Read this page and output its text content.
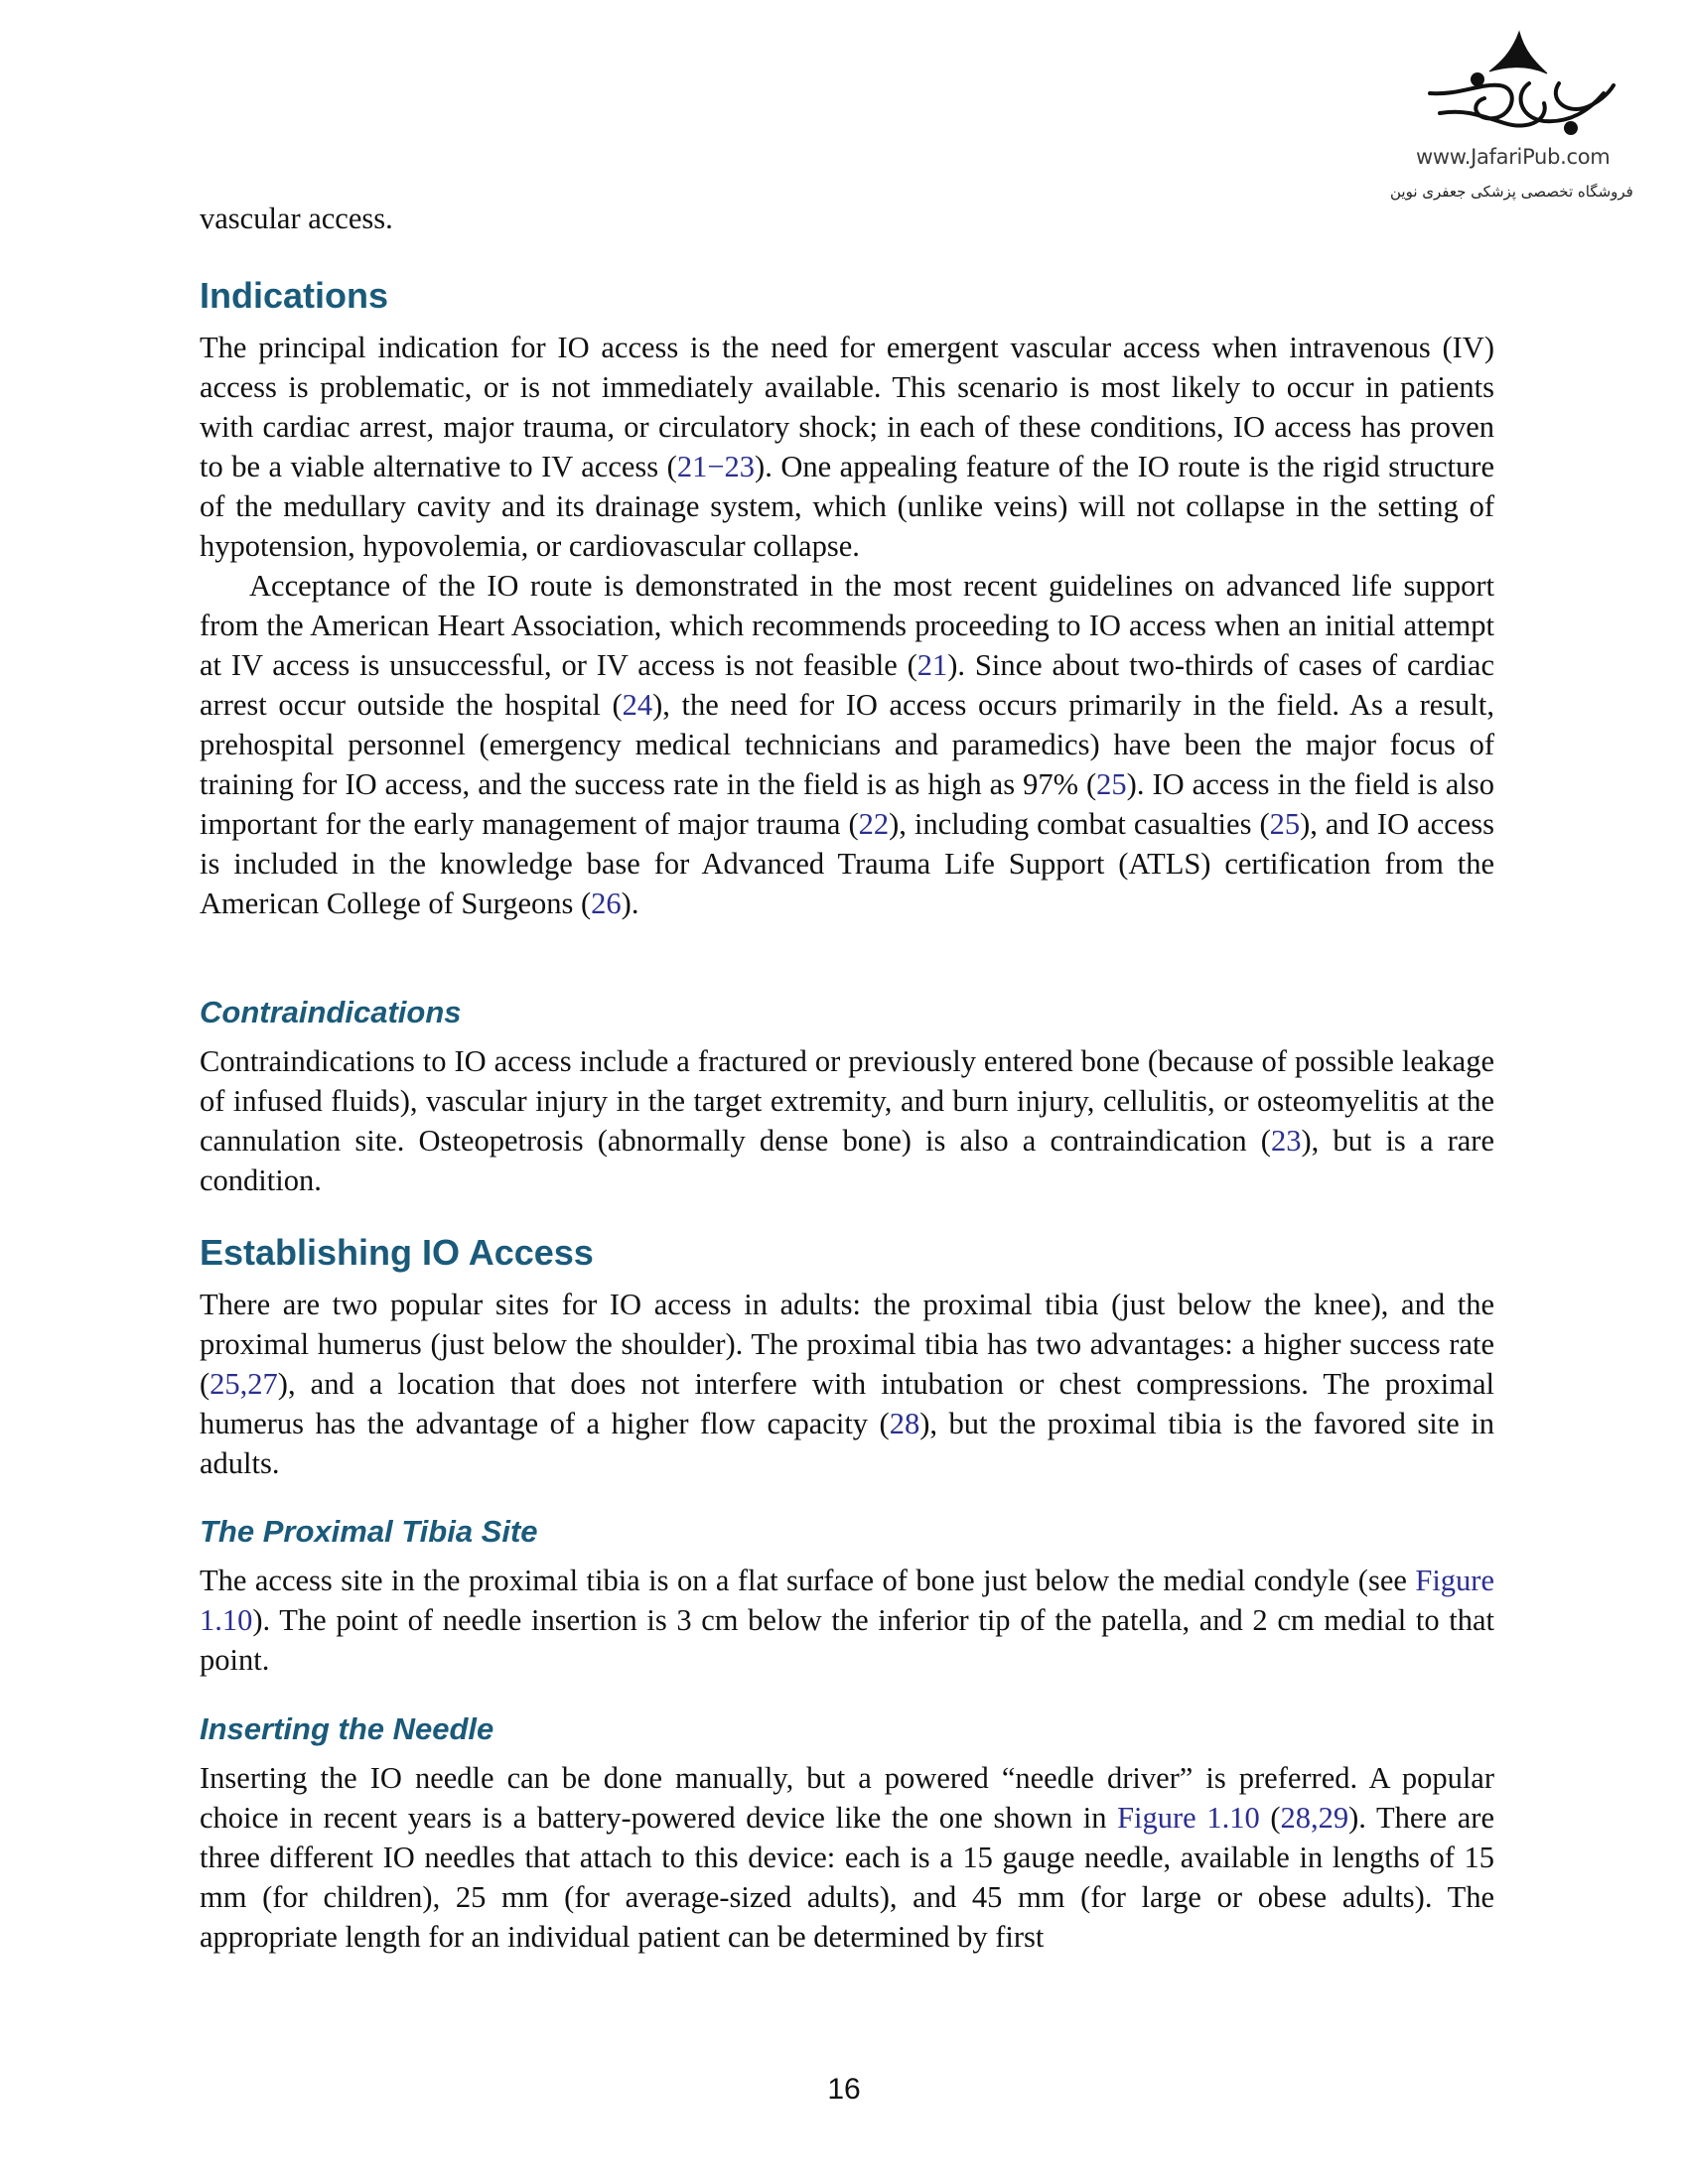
www.JafariPub.com
فروشگاه تخصصی پزشکی جعفری نوین

vascular access.

Indications

The principal indication for IO access is the need for emergent vascular access when intravenous (IV) access is problematic, or is not immediately available. This scenario is most likely to occur in patients with cardiac arrest, major trauma, or circulatory shock; in each of these conditions, IO access has proven to be a viable alternative to IV access (21−23). One appealing feature of the IO route is the rigid structure of the medullary cavity and its drainage system, which (unlike veins) will not collapse in the setting of hypotension, hypovolemia, or cardiovascular collapse.

Acceptance of the IO route is demonstrated in the most recent guidelines on advanced life support from the American Heart Association, which recommends proceeding to IO access when an initial attempt at IV access is unsuccessful, or IV access is not feasible (21). Since about two-thirds of cases of cardiac arrest occur outside the hospital (24), the need for IO access occurs primarily in the field. As a result, prehospital personnel (emergency medical technicians and paramedics) have been the major focus of training for IO access, and the success rate in the field is as high as 97% (25). IO access in the field is also important for the early management of major trauma (22), including combat casualties (25), and IO access is included in the knowledge base for Advanced Trauma Life Support (ATLS) certification from the American College of Surgeons (26).

Contraindications

Contraindications to IO access include a fractured or previously entered bone (because of possible leakage of infused fluids), vascular injury in the target extremity, and burn injury, cellulitis, or osteomyelitis at the cannulation site. Osteopetrosis (abnormally dense bone) is also a contraindication (23), but is a rare condition.

Establishing IO Access

There are two popular sites for IO access in adults: the proximal tibia (just below the knee), and the proximal humerus (just below the shoulder). The proximal tibia has two advantages: a higher success rate (25,27), and a location that does not interfere with intubation or chest compressions. The proximal humerus has the advantage of a higher flow capacity (28), but the proximal tibia is the favored site in adults.

The Proximal Tibia Site

The access site in the proximal tibia is on a flat surface of bone just below the medial condyle (see Figure 1.10). The point of needle insertion is 3 cm below the inferior tip of the patella, and 2 cm medial to that point.

Inserting the Needle

Inserting the IO needle can be done manually, but a powered “needle driver” is preferred. A popular choice in recent years is a battery-powered device like the one shown in Figure 1.10 (28,29). There are three different IO needles that attach to this device: each is a 15 gauge needle, available in lengths of 15 mm (for children), 25 mm (for average-sized adults), and 45 mm (for large or obese adults). The appropriate length for an individual patient can be determined by first

16
